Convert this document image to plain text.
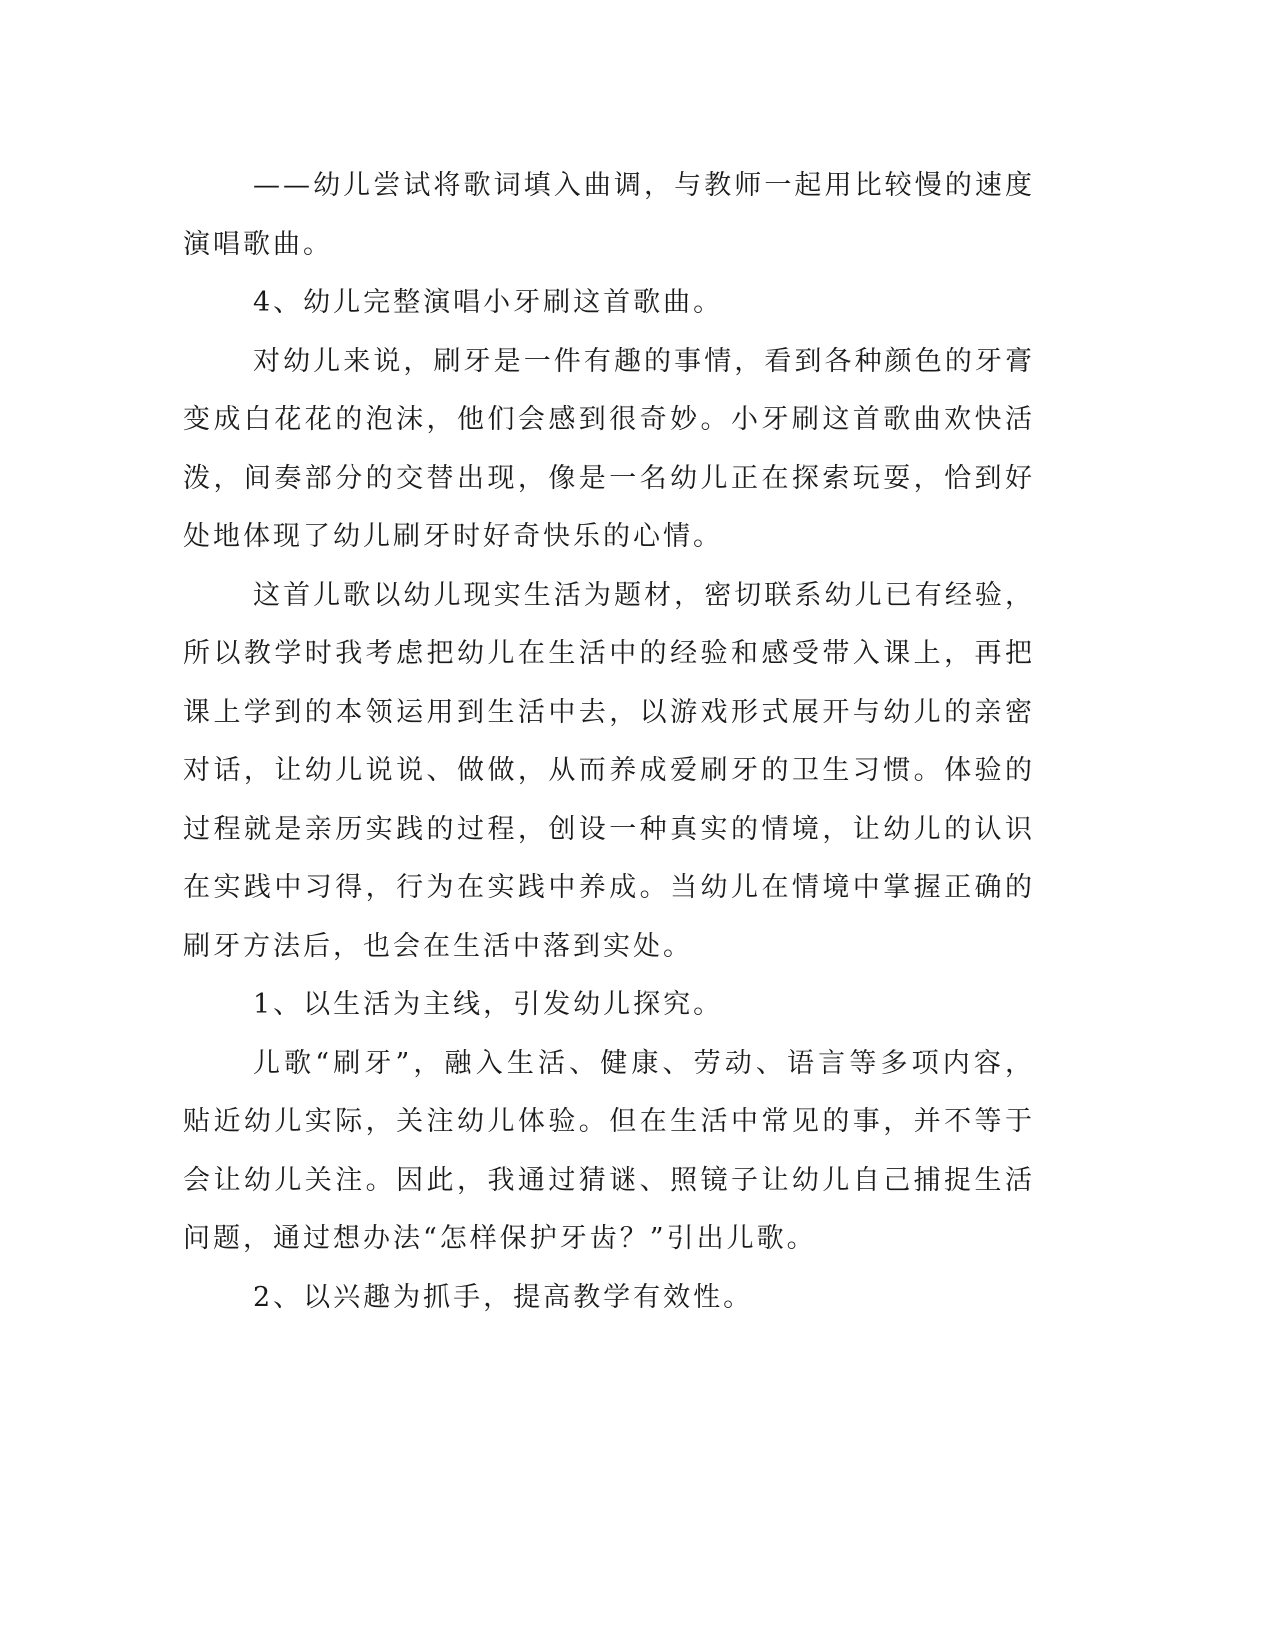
——幼儿尝试将歌词填入曲调，与教师一起用比较慢的速度演唱歌曲。

4、幼儿完整演唱小牙刷这首歌曲。

对幼儿来说，刷牙是一件有趣的事情，看到各种颜色的牙膏变成白花花的泡沫，他们会感到很奇妙。小牙刷这首歌曲欢快活泼，间奏部分的交替出现，像是一名幼儿正在探索玩耍，恰到好处地体现了幼儿刷牙时好奇快乐的心情。

这首儿歌以幼儿现实生活为题材，密切联系幼儿已有经验，所以教学时我考虑把幼儿在生活中的经验和感受带入课上，再把课上学到的本领运用到生活中去，以游戏形式展开与幼儿的亲密对话，让幼儿说说、做做，从而养成爱刷牙的卫生习惯。体验的过程就是亲历实践的过程，创设一种真实的情境，让幼儿的认识在实践中习得，行为在实践中养成。当幼儿在情境中掌握正确的刷牙方法后，也会在生活中落到实处。

1、以生活为主线，引发幼儿探究。

儿歌“刷牙”，融入生活、健康、劳动、语言等多项内容，贴近幼儿实际，关注幼儿体验。但在生活中常见的事，并不等于会让幼儿关注。因此，我通过猜谜、照镜子让幼儿自己捕捉生活问题，通过想办法“怎样保护牙齿？”引出儿歌。

2、以兴趣为抓手，提高教学有效性。
